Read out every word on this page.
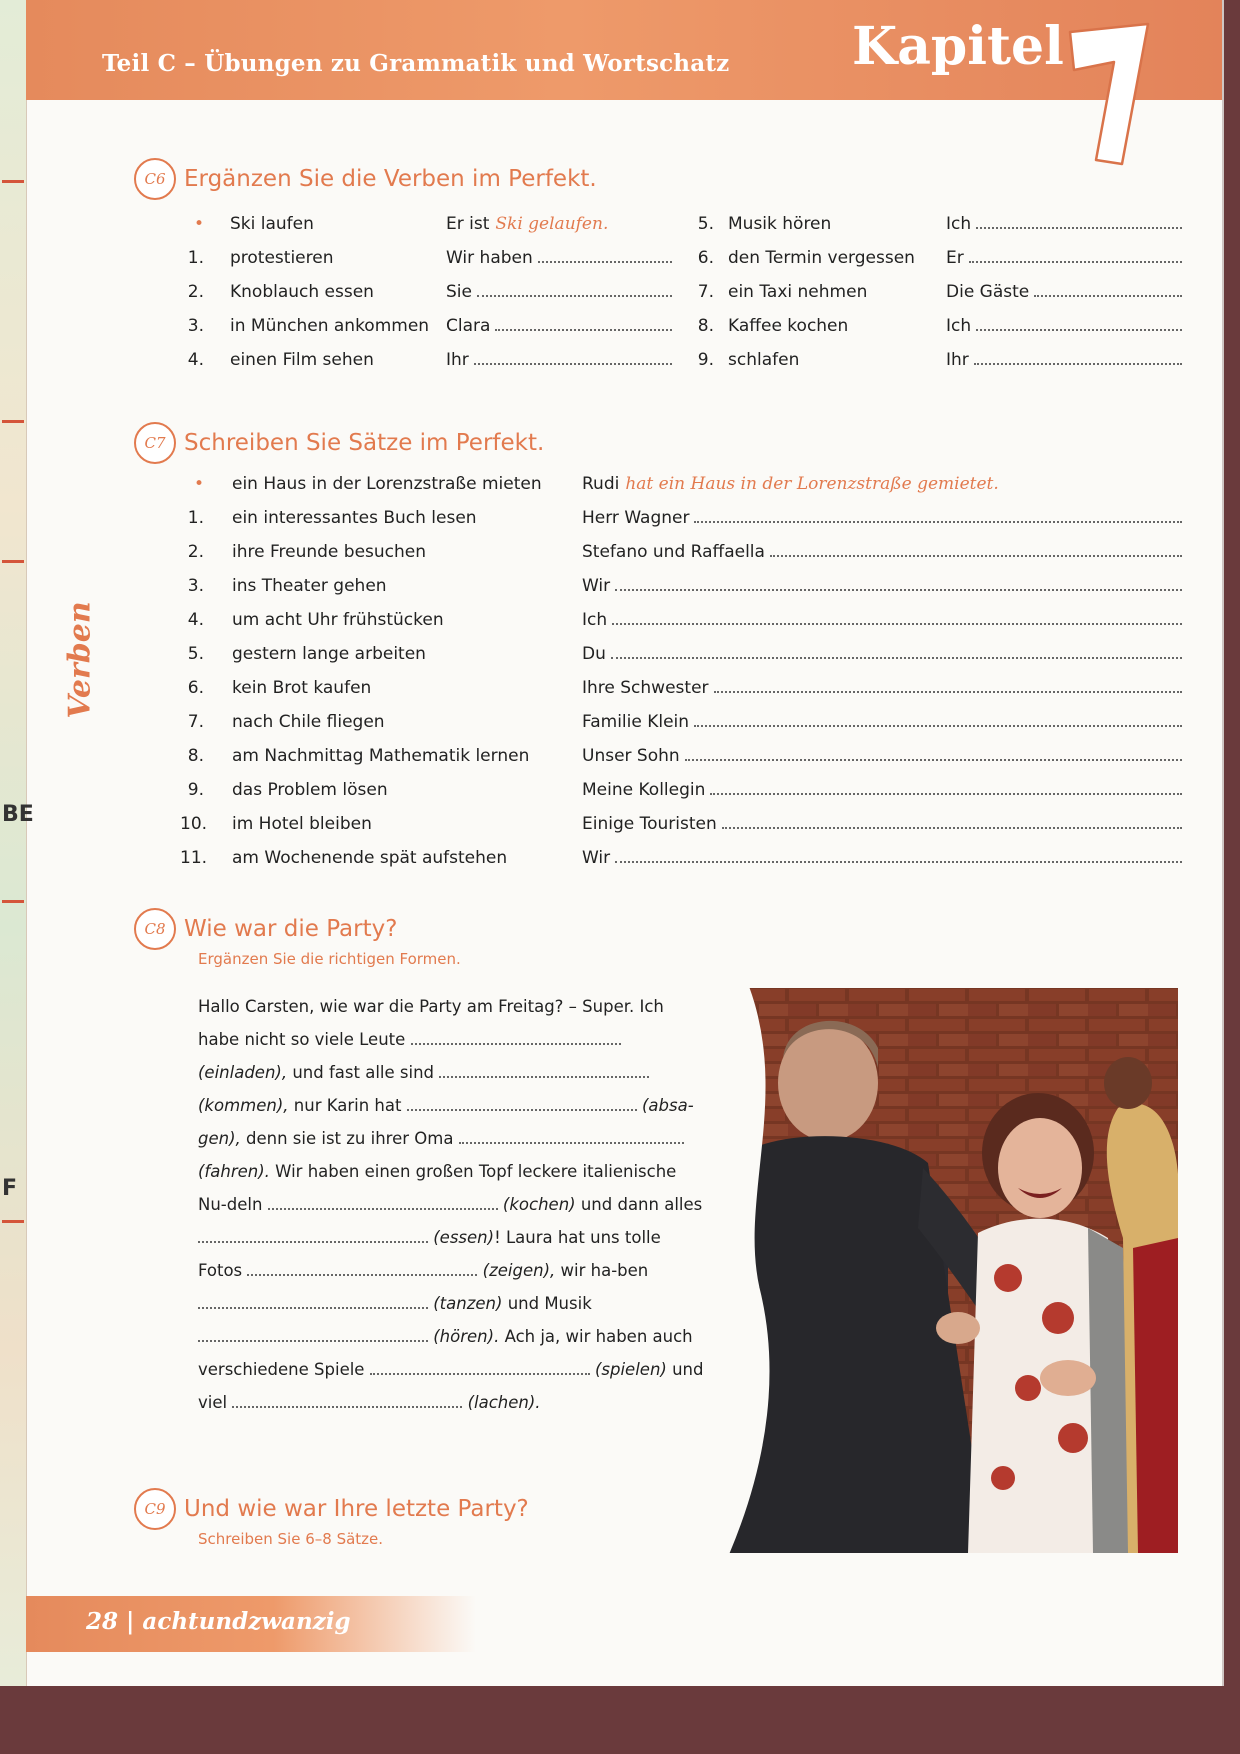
BE
F
Teil C – Übungen zu Grammatik und Wortschatz Kapitel
1
Verben
C6 Ergänzen Sie die Verben im Perfekt.
• Ski laufen	Er ist Ski gelaufen.
1. protestieren	Wir haben
2. Knoblauch essen	Sie
3. in München ankommen Clara
4. einen Film sehen	Ihr
5. Musik hören	Ich
6. den Termin vergessen Er
7. ein Taxi nehmen	Die Gäste
8. Kaffee kochen	Ich
9. schlafen	Ihr
C7 Schreiben Sie Sätze im Perfekt.
• ein Haus in der Lorenzstraße mieten Rudi hat ein Haus in der Lorenzstraße gemietet.
1. ein interessantes Buch lesen	Herr Wagner
2. ihre Freunde besuchen	Stefano und Raffaella
3. ins Theater gehen	Wir
4. um acht Uhr frühstücken	Ich
5. gestern lange arbeiten	Du
6. kein Brot kaufen	Ihre Schwester
7. nach Chile fliegen	Familie Klein
8. am Nachmittag Mathematik lernen	Unser Sohn
9. das Problem lösen	Meine Kollegin
10. im Hotel bleiben	Einige Touristen
11. am Wochenende spät aufstehen	Wir
C8 Wie war die Party?
Ergänzen Sie die richtigen Formen.
Hallo Carsten, wie war die Party am Freitag? – Super. Ich habe nicht so viele Leute  (einladen), und fast alle sind  (kommen), nur Karin hat	(absa-gen), denn sie ist zu ihrer Oma  (fahren). Wir haben einen großen Topf leckere italienische Nu-deln	(kochen) und dann alles  (essen)! Laura hat uns tolle Fotos	(zeigen), wir ha-ben  (tanzen) und Musik  (hören). Ach ja, wir haben auch verschiedene Spiele	(spielen) und viel	(lachen).
C9 Und wie war Ihre letzte Party?
Schreiben Sie 6–8 Sätze.
28 | achtundzwanzig
